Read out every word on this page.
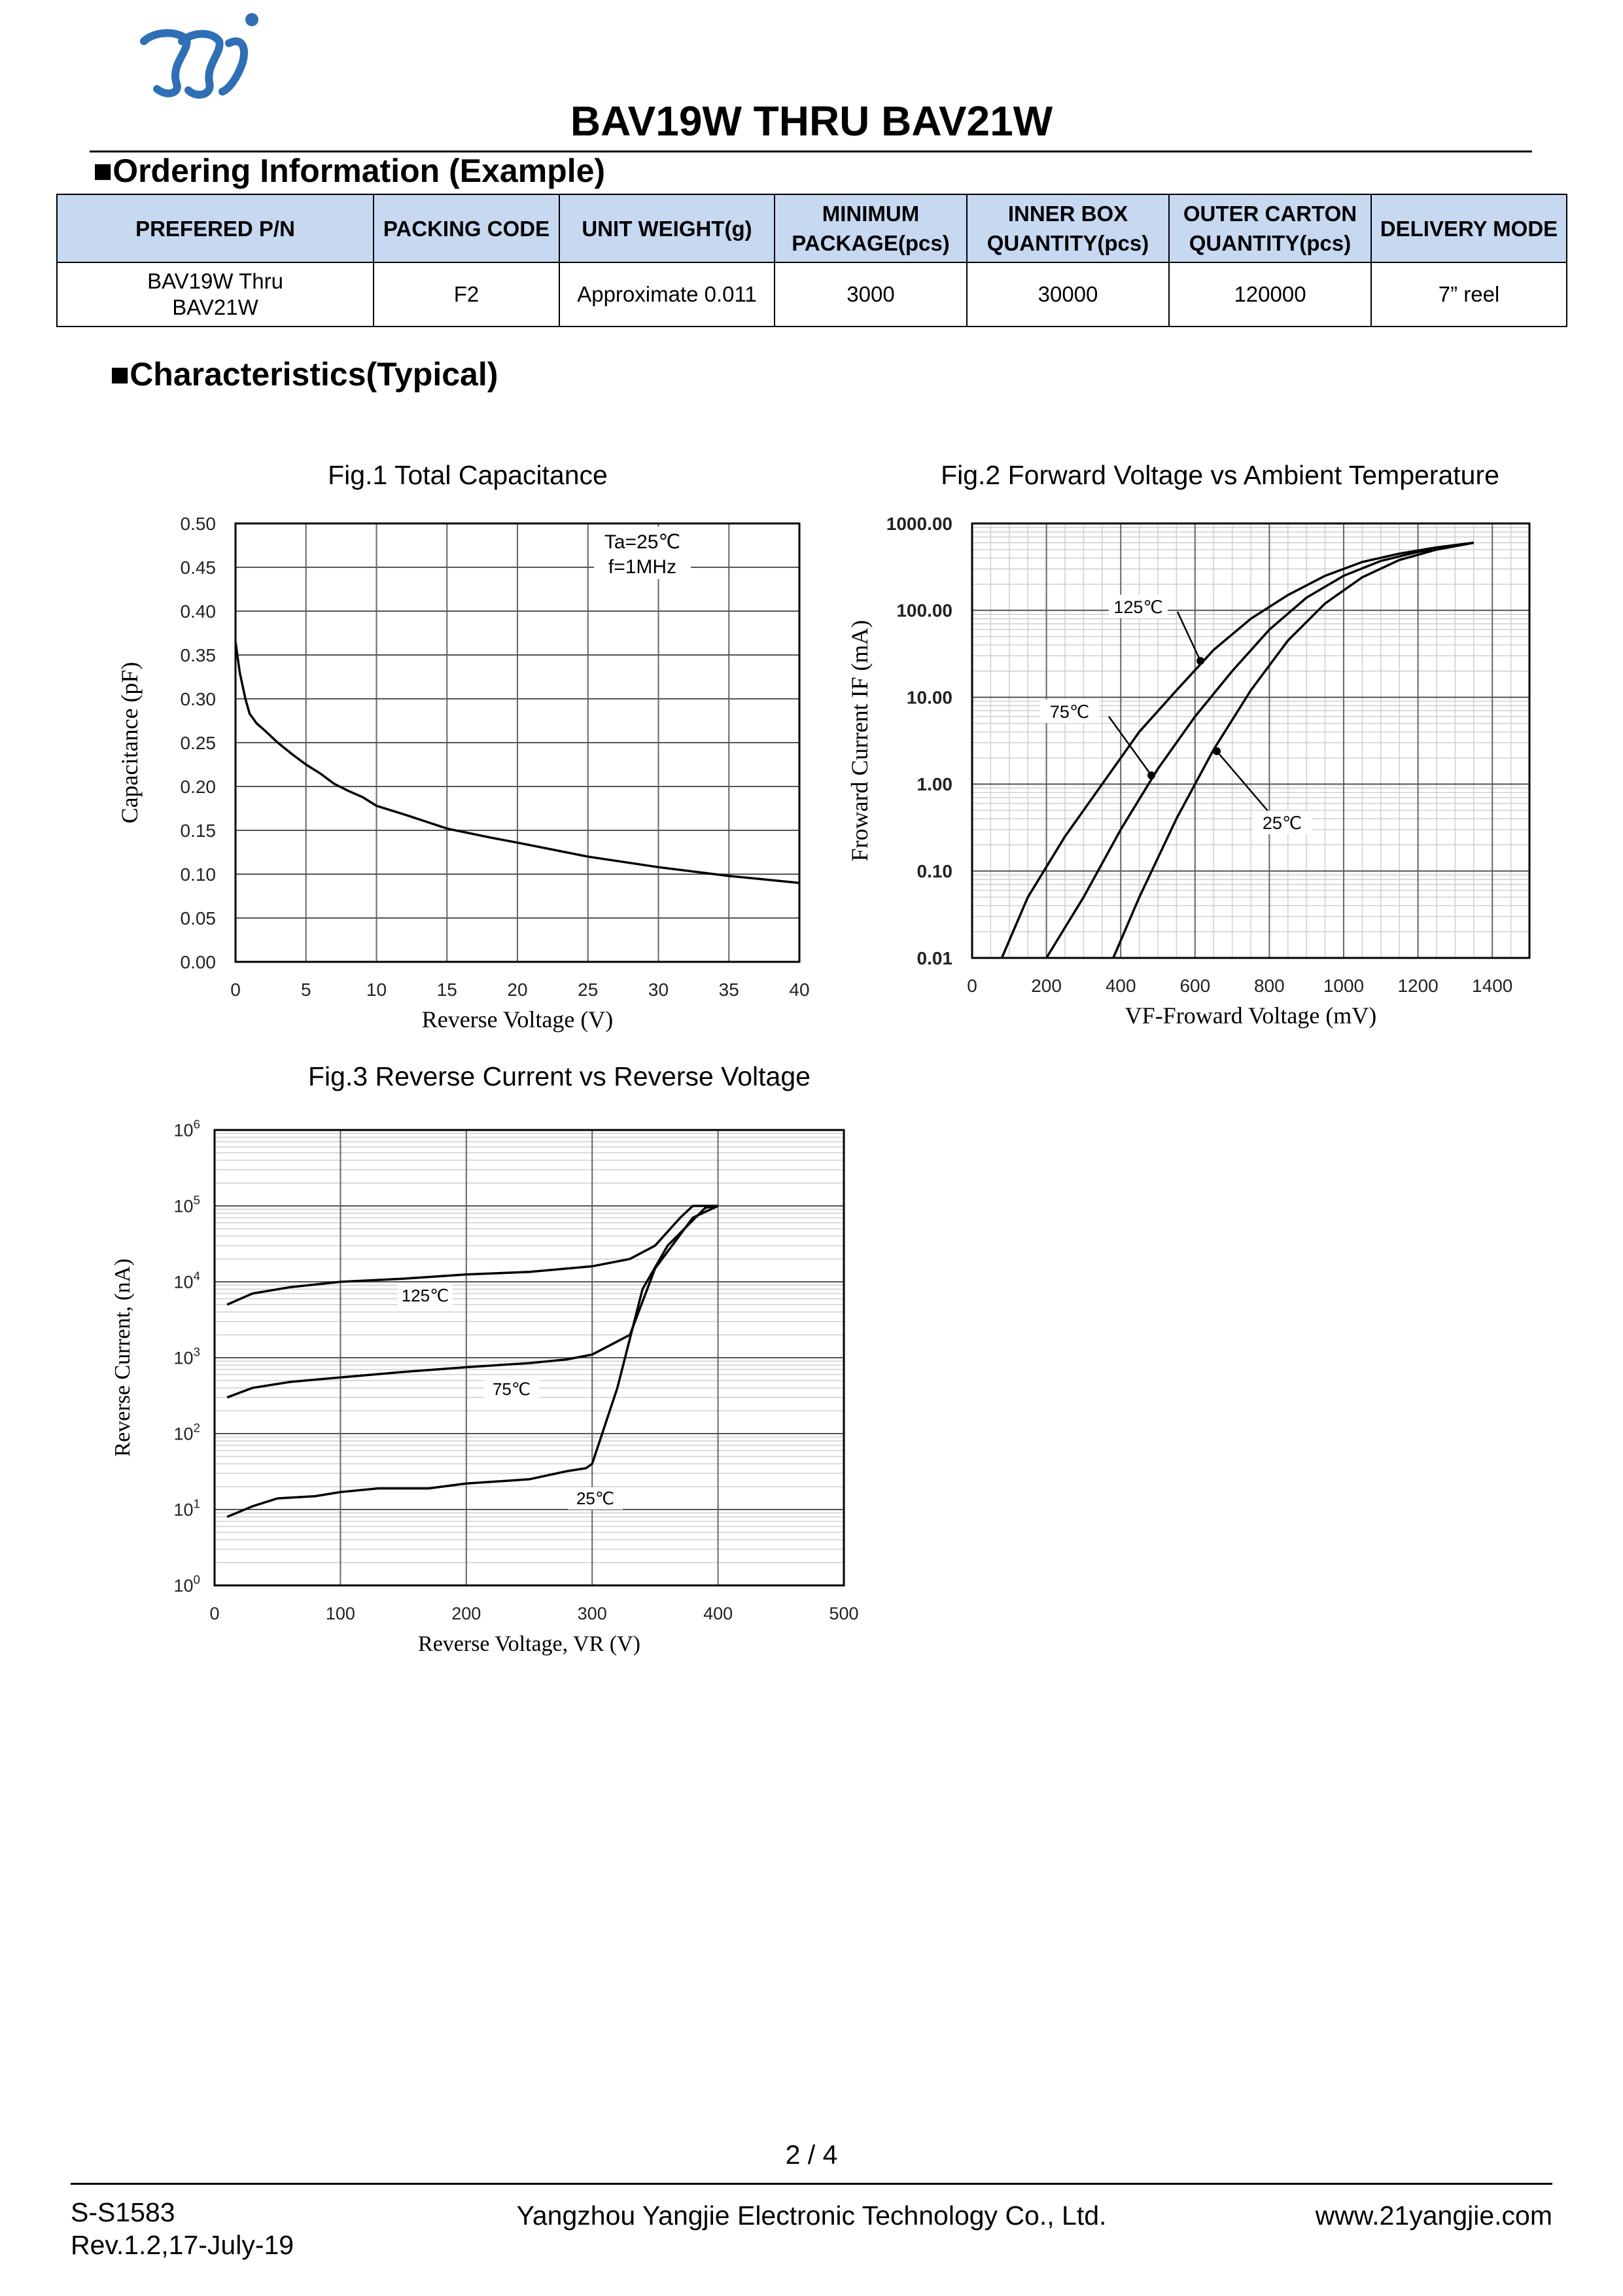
BAV19W THRU BAV21W
■Ordering Information (Example)
PREFERED P/N	PACKING CODE	UNIT WEIGHT(g)	MINIMUM PACKAGE(pcs)	INNER BOX QUANTITY(pcs)	OUTER CARTON QUANTITY(pcs)	DELIVERY MODE
BAV19W Thru BAV21W	F2	Approximate 0.011	3000	30000	120000	7” reel
■Characteristics(Typical)
Fig.1 Total Capacitance	Fig.2 Forward Voltage vs Ambient Temperature
Fig.3 Reverse Current vs Reverse Voltage
0	5	10	15	20	25	30	35	40
0.00
0.05
0.10
0.15
0.20
0.25
0.30
0.35
0.40
0.45
0.50
Reverse Voltage (V)
Capacitance (pF)
Ta=25℃
f=1MHz
0	200 400 600 800 1000 1200 1400
0.01
0.10
1.00
10.00
100.00
1000.00
VF-Froward Voltage (mV)
Froward Current IF (mA)
125℃
75℃
25℃
0	100	200	300	400	500
$10^0$
$10^1$
$10^2$
$10^3$
$10^4$
$10^5$
$10^6$
Reverse Voltage, VR (V)
Reverse Current, (nA)	125℃
75℃
25℃
2 / 4
S-S1583
Rev.1.2,17-July-19
Yangzhou Yangjie Electronic Technology Co., Ltd.	www.21yangjie.com
